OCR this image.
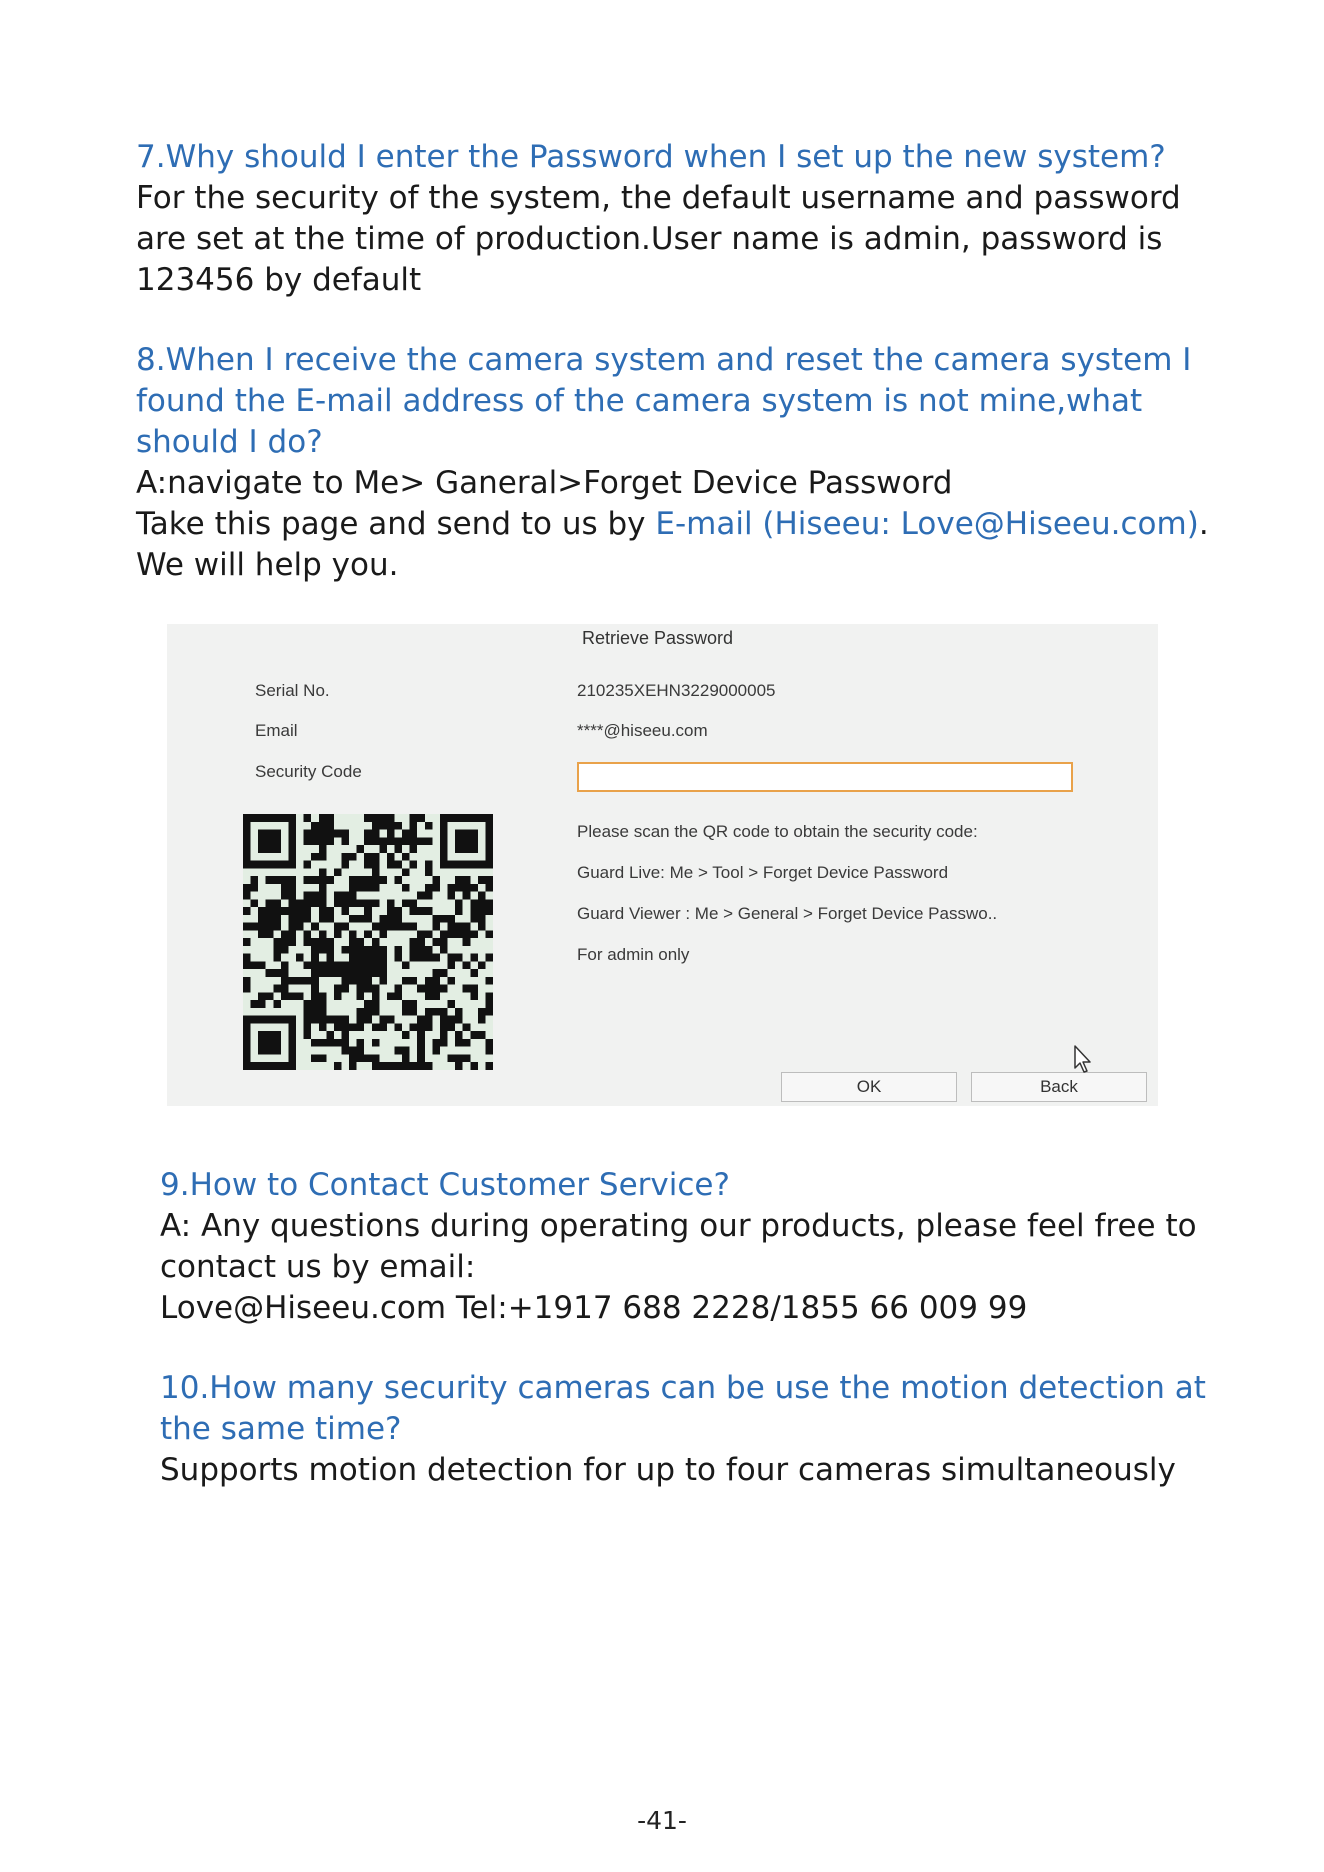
7.Why should I enter the Password when I set up the new system?

For the security of the system, the default username and password

are set at the time of production.User name is admin, password is

123456 by default

8.When I receive the camera system and reset the camera system I

found the E-mail address of the camera system is not mine,what

should I do?

A:navigate to Me> Ganeral>Forget Device Password

Take this page and send to us by E-mail (Hiseeu: Love@Hiseeu.com).

We will help you.

Retrieve Password
Serial No.	210235XEHN3229000005
Email	****@hiseeu.com
Security Code
Please scan the QR code to obtain the security code:
Guard Live: Me > Tool > Forget Device Password
Guard Viewer : Me > General > Forget Device Passwo..
For admin only
OK	Back

9.How to Contact Customer Service?

A: Any questions during operating our products, please feel free to

contact us by email:

Love@Hiseeu.com Tel:+1917 688 2228/1855 66 009 99

10.How many security cameras can be use the motion detection at

the same time?

Supports motion detection for up to four cameras simultaneously

-41-
